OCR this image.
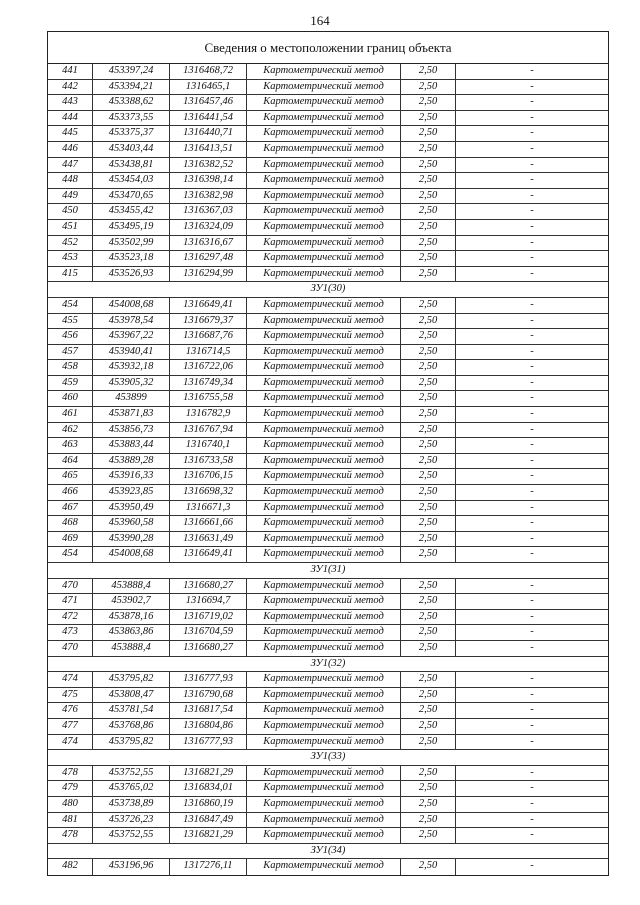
164
Сведения о местоположении границ объекта
441	453397,24	1316468,72	Картометрический метод	2,50	-
442	453394,21	1316465,1	Картометрический метод	2,50	-
443	453388,62	1316457,46	Картометрический метод	2,50	-
444	453373,55	1316441,54	Картометрический метод	2,50	-
445	453375,37	1316440,71	Картометрический метод	2,50	-
446	453403,44	1316413,51	Картометрический метод	2,50	-
447	453438,81	1316382,52	Картометрический метод	2,50	-
448	453454,03	1316398,14	Картометрический метод	2,50	-
449	453470,65	1316382,98	Картометрический метод	2,50	-
450	453455,42	1316367,03	Картометрический метод	2,50	-
451	453495,19	1316324,09	Картометрический метод	2,50	-
452	453502,99	1316316,67	Картометрический метод	2,50	-
453	453523,18	1316297,48	Картометрический метод	2,50	-
415	453526,93	1316294,99	Картометрический метод	2,50	-
ЗУ1(30)
454	454008,68	1316649,41	Картометрический метод	2,50	-
455	453978,54	1316679,37	Картометрический метод	2,50	-
456	453967,22	1316687,76	Картометрический метод	2,50	-
457	453940,41	1316714,5	Картометрический метод	2,50	-
458	453932,18	1316722,06	Картометрический метод	2,50	-
459	453905,32	1316749,34	Картометрический метод	2,50	-
460	453899	1316755,58	Картометрический метод	2,50	-
461	453871,83	1316782,9	Картометрический метод	2,50	-
462	453856,73	1316767,94	Картометрический метод	2,50	-
463	453883,44	1316740,1	Картометрический метод	2,50	-
464	453889,28	1316733,58	Картометрический метод	2,50	-
465	453916,33	1316706,15	Картометрический метод	2,50	-
466	453923,85	1316698,32	Картометрический метод	2,50	-
467	453950,49	1316671,3	Картометрический метод	2,50	-
468	453960,58	1316661,66	Картометрический метод	2,50	-
469	453990,28	1316631,49	Картометрический метод	2,50	-
454	454008,68	1316649,41	Картометрический метод	2,50	-
ЗУ1(31)
470	453888,4	1316680,27	Картометрический метод	2,50	-
471	453902,7	1316694,7	Картометрический метод	2,50	-
472	453878,16	1316719,02	Картометрический метод	2,50	-
473	453863,86	1316704,59	Картометрический метод	2,50	-
470	453888,4	1316680,27	Картометрический метод	2,50	-
ЗУ1(32)
474	453795,82	1316777,93	Картометрический метод	2,50	-
475	453808,47	1316790,68	Картометрический метод	2,50	-
476	453781,54	1316817,54	Картометрический метод	2,50	-
477	453768,86	1316804,86	Картометрический метод	2,50	-
474	453795,82	1316777,93	Картометрический метод	2,50	-
ЗУ1(33)
478	453752,55	1316821,29	Картометрический метод	2,50	-
479	453765,02	1316834,01	Картометрический метод	2,50	-
480	453738,89	1316860,19	Картометрический метод	2,50	-
481	453726,23	1316847,49	Картометрический метод	2,50	-
478	453752,55	1316821,29	Картометрический метод	2,50	-
ЗУ1(34)
482	453196,96	1317276,11	Картометрический метод	2,50	-
